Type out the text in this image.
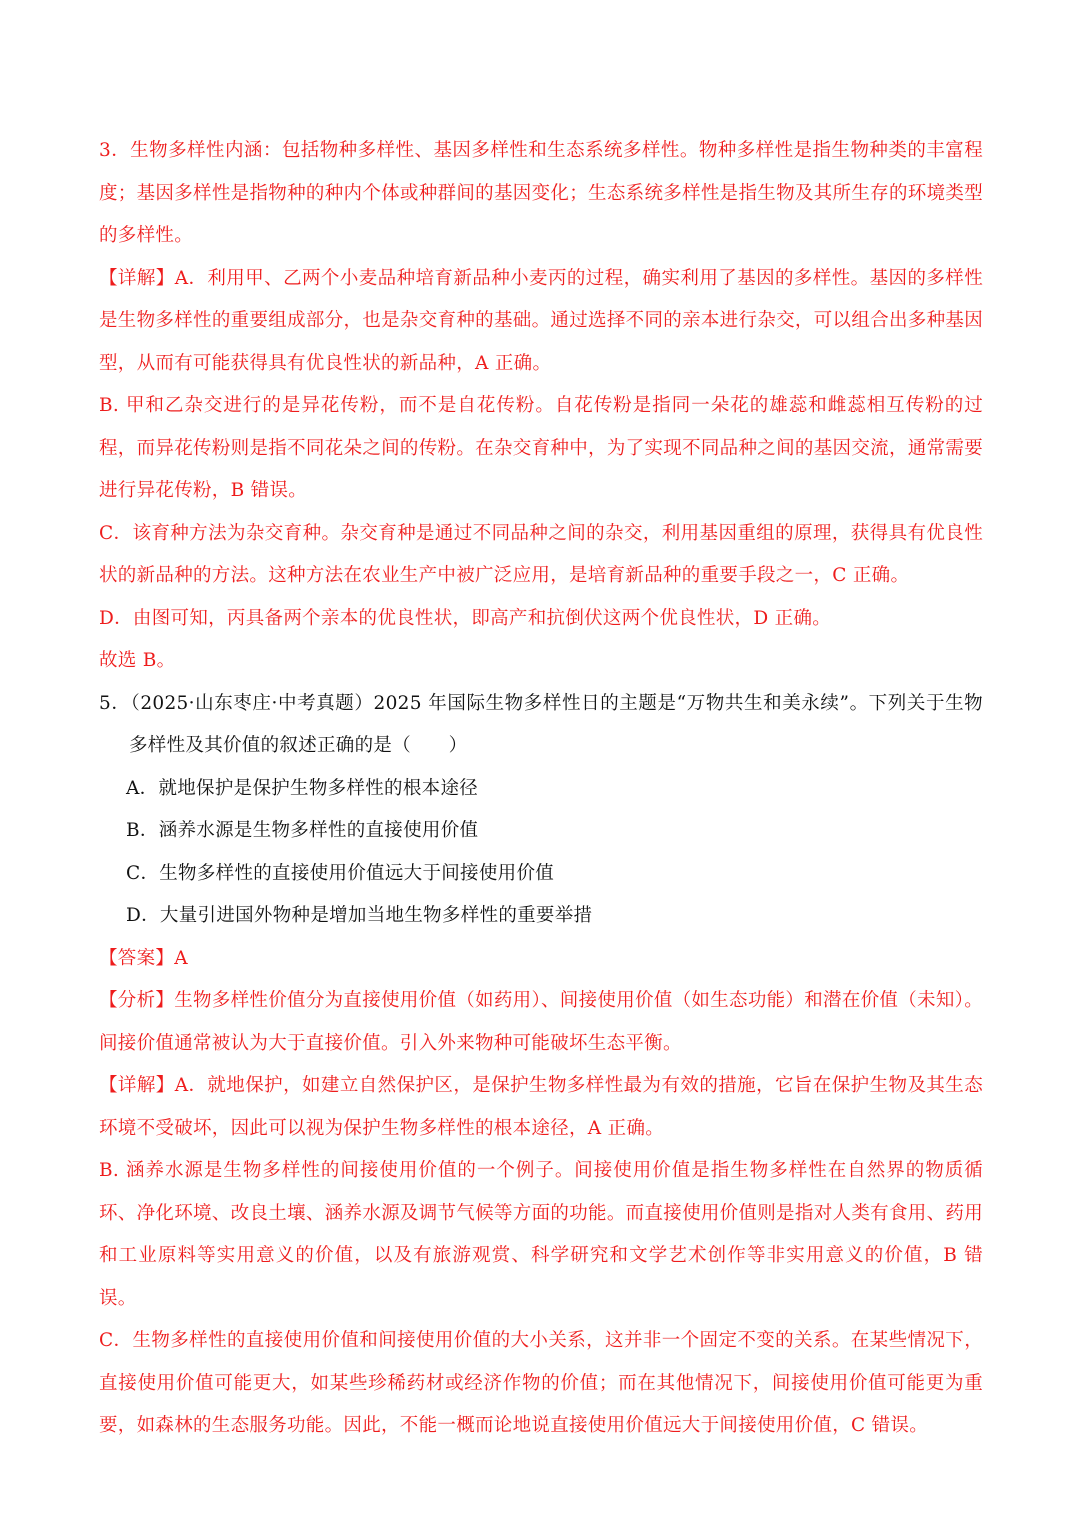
3．生物多样性内涵：包括物种多样性、基因多样性和生态系统多样性。物种多样性是指生物种类的丰富程度；基因多样性是指物种的种内个体或种群间的基因变化；生态系统多样性是指生物及其所生存的环境类型的多样性。

【详解】A．利用甲、乙两个小麦品种培育新品种小麦丙的过程，确实利用了基因的多样性。基因的多样性是生物多样性的重要组成部分，也是杂交育种的基础。通过选择不同的亲本进行杂交，可以组合出多种基因型，从而有可能获得具有优良性状的新品种，A 正确。

B. 甲和乙杂交进行的是异花传粉，而不是自花传粉。自花传粉是指同一朵花的雄蕊和雌蕊相互传粉的过程，而异花传粉则是指不同花朵之间的传粉。在杂交育种中，为了实现不同品种之间的基因交流，通常需要进行异花传粉，B 错误。

C．该育种方法为杂交育种。杂交育种是通过不同品种之间的杂交，利用基因重组的原理，获得具有优良性状的新品种的方法。这种方法在农业生产中被广泛应用，是培育新品种的重要手段之一，C 正确。

D．由图可知，丙具备两个亲本的优良性状，即高产和抗倒伏这两个优良性状，D 正确。

故选 B。

5．（2025·山东枣庄·中考真题）2025 年国际生物多样性日的主题是“万物共生和美永续”。下列关于生物多样性及其价值的叙述正确的是（　　）

A．就地保护是保护生物多样性的根本途径

B．涵养水源是生物多样性的直接使用价值

C．生物多样性的直接使用价值远大于间接使用价值

D．大量引进国外物种是增加当地生物多样性的重要举措

【答案】A

【分析】生物多样性价值分为直接使用价值（如药用）、间接使用价值（如生态功能）和潜在价值（未知）。间接价值通常被认为大于直接价值。引入外来物种可能破坏生态平衡。

【详解】A．就地保护，如建立自然保护区，是保护生物多样性最为有效的措施，它旨在保护生物及其生态环境不受破坏，因此可以视为保护生物多样性的根本途径，A 正确。

B. 涵养水源是生物多样性的间接使用价值的一个例子。间接使用价值是指生物多样性在自然界的物质循环、净化环境、改良土壤、涵养水源及调节气候等方面的功能。而直接使用价值则是指对人类有食用、药用和工业原料等实用意义的价值，以及有旅游观赏、科学研究和文学艺术创作等非实用意义的价值，B 错误。

C．生物多样性的直接使用价值和间接使用价值的大小关系，这并非一个固定不变的关系。在某些情况下，直接使用价值可能更大，如某些珍稀药材或经济作物的价值；而在其他情况下，间接使用价值可能更为重要，如森林的生态服务功能。因此，不能一概而论地说直接使用价值远大于间接使用价值，C 错误。
